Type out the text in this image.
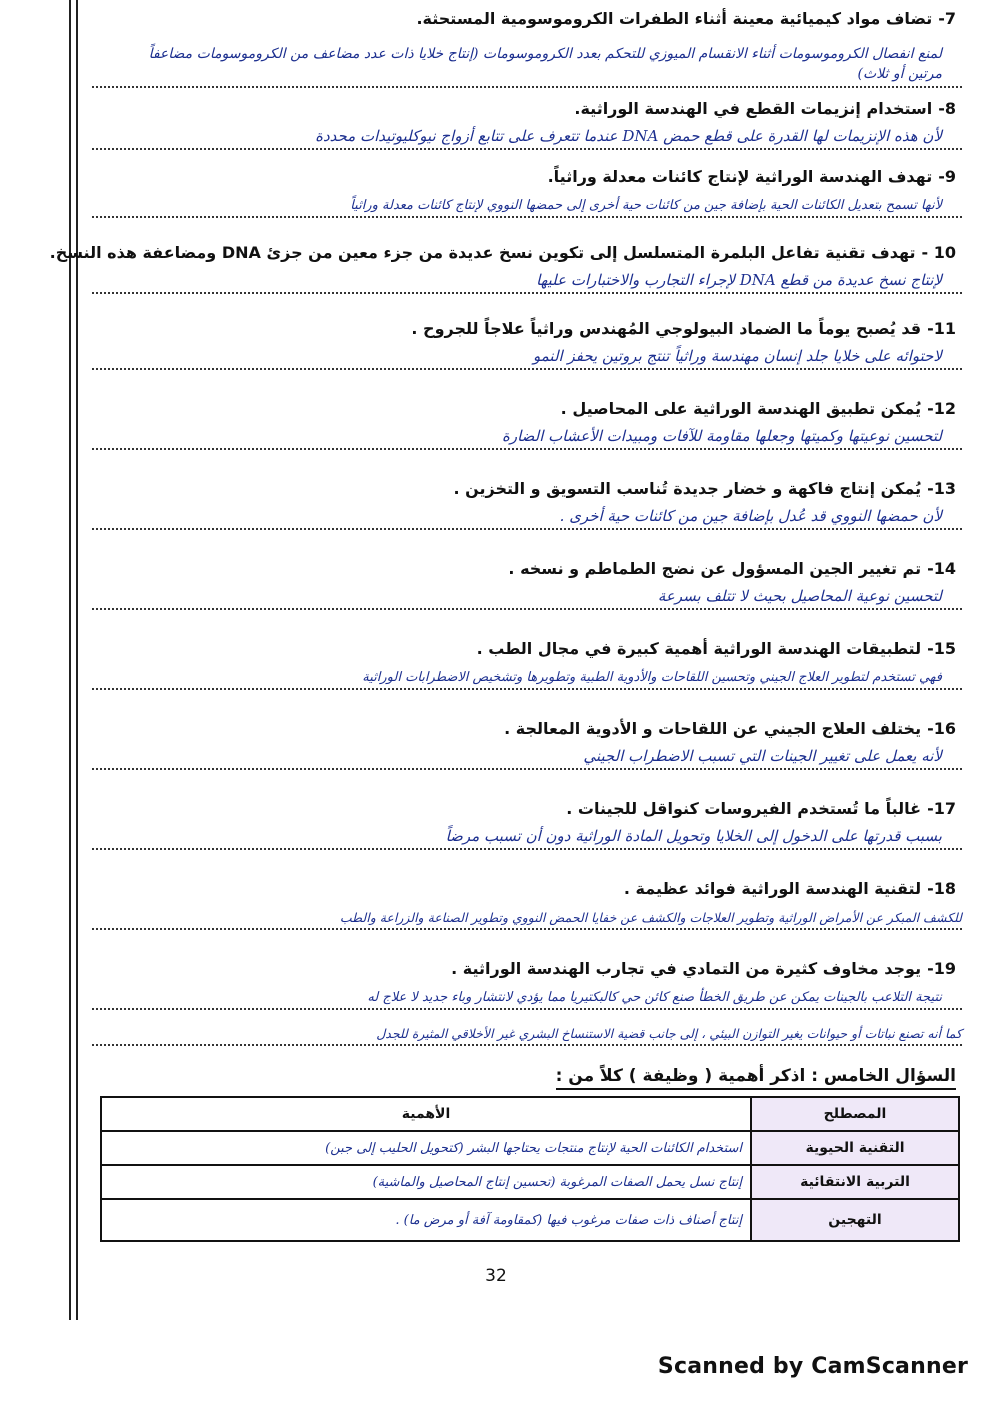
7-تضاف مواد كيميائية معينة أثناء الطفرات الكروموسومية المستحثة.
لمنع انفصال الكروموسومات أثناء الانقسام الميوزي للتحكم بعدد الكروموسومات (إنتاج خلايا ذات عدد مضاعف من الكروموسومات مضاعفاً مرتين أو ثلاث)
8-استخدام إنزيمات القطع في الهندسة الوراثية.
لأن هذه الإنزيمات لها القدرة على قطع حمض DNA عندما تتعرف على تتابع أزواج نيوكليوتيدات محددة
9-تهدف الهندسة الوراثية لإنتاج كائنات معدلة وراثياً.
لأنها تسمح بتعديل الكائنات الحية بإضافة جين من كائنات حية أخرى إلى حمضها النووي لإنتاج كائنات معدلة وراثياً
10 -تهدف تقنية تفاعل البلمرة المتسلسل إلى تكوين نسخ عديدة من جزء معين من جزئ DNA ومضاعفة هذه النسخ.
لإنتاج نسخ عديدة من قطع DNA لإجراء التجارب والاختبارات عليها
11-قد يُصبح يوماً ما الضماد البيولوجي المُهندس وراثياً علاجاً للجروح .
لاحتوائه على خلايا جلد إنسان مهندسة وراثياً تنتج بروتين يحفز النمو
12-يُمكن تطبيق الهندسة الوراثية على المحاصيل .
لتحسين نوعيتها وكميتها وجعلها مقاومة للآفات ومبيدات الأعشاب الضارة
13-يُمكن إنتاج فاكهة و خضار جديدة تُناسب التسويق و التخزين .
لأن حمضها النووي قد عُدل بإضافة جين من كائنات حية أخرى .
14-تم تغيير الجين المسؤول عن نضج الطماطم و نسخه .
لتحسين نوعية المحاصيل بحيث لا تتلف بسرعة
15-لتطبيقات الهندسة الوراثية أهمية كبيرة في مجال الطب .
فهي تستخدم لتطوير العلاج الجيني وتحسين اللقاحات والأدوية الطبية وتطويرها وتشخيص الاضطرابات الوراثية
16-يختلف العلاج الجيني عن اللقاحات و الأدوية المعالجة .
لأنه يعمل على تغيير الجينات التي تسبب الاضطراب الجيني
17-غالباً ما تُستخدم الفيروسات كنواقل للجينات .
بسبب قدرتها على الدخول إلى الخلايا وتحويل المادة الوراثية دون أن تسبب مرضاً
18-لتقنية الهندسة الوراثية فوائد عظيمة .
للكشف المبكر عن الأمراض الوراثية وتطوير العلاجات والكشف عن خفايا الحمض النووي وتطوير الصناعة والزراعة والطب
19-يوجد مخاوف كثيرة من التمادي في تجارب الهندسة الوراثية .
نتيجة التلاعب بالجينات يمكن عن طريق الخطأ صنع كائن حي كالبكتيريا مما يؤدي لانتشار وباء جديد لا علاج له
كما أنه تصنع نباتات أو حيوانات يغير التوازن البيئي ، إلى جانب قضية الاستنساخ البشري غير الأخلاقي المثيرة للجدل
السؤال الخامس : اذكر أهمية ( وظيفة ) كلاً من :
المصطلح	الأهمية
التقنية الحيوية	استخدام الكائنات الحية لإنتاج منتجات يحتاجها البشر (كتحويل الحليب إلى جبن)
التربية الانتقائية	إنتاج نسل يحمل الصفات المرغوبة (تحسين إنتاج المحاصيل والماشية)
التهجين	إنتاج أصناف ذات صفات مرغوب فيها (كمقاومة آفة أو مرض ما) .
32
Scanned by CamScanner
